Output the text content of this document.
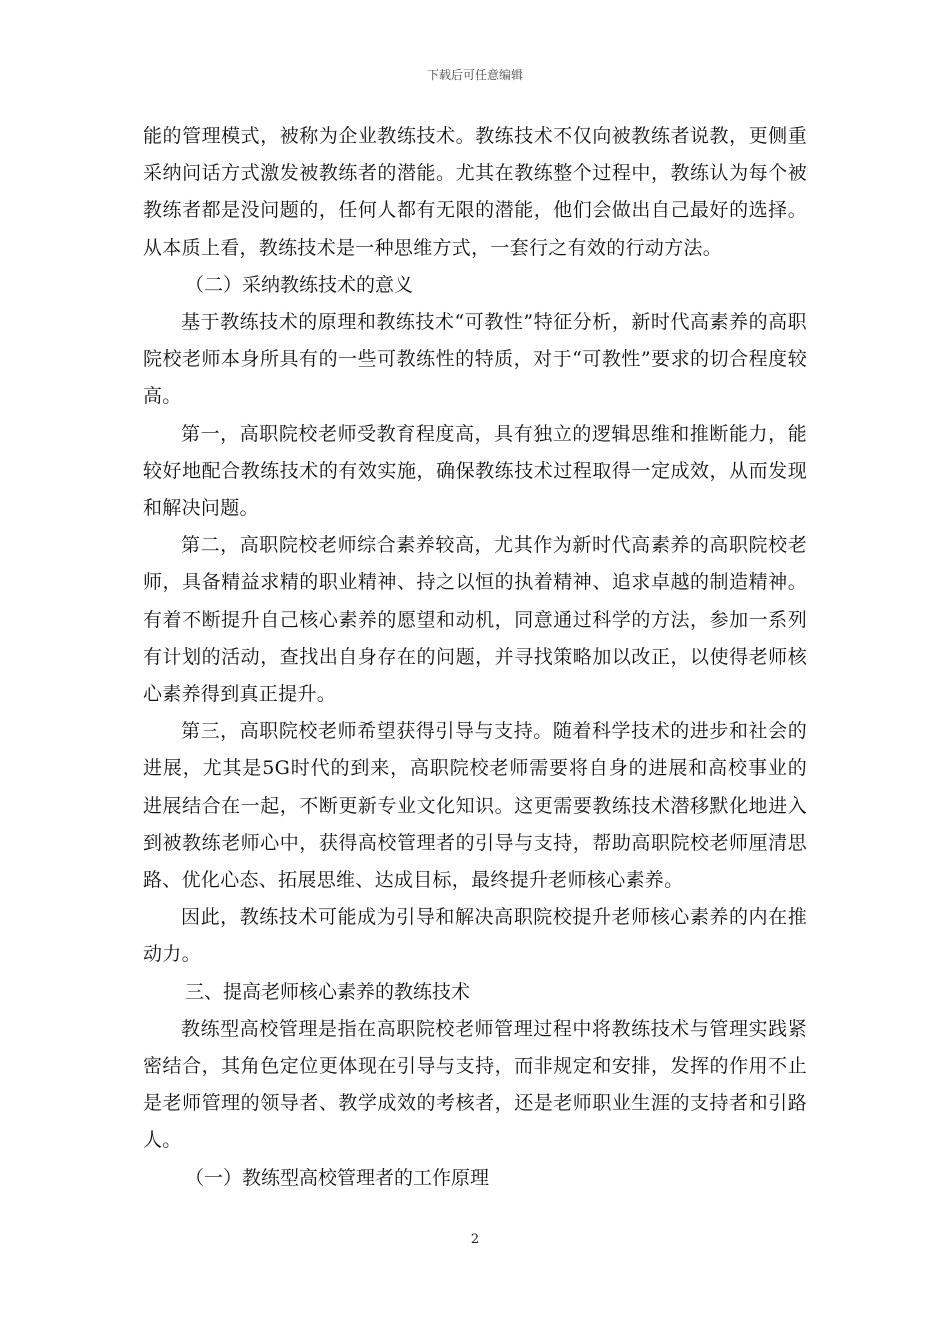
下载后可任意编辑

能的管理模式，被称为企业教练技术。教练技术不仅向被教练者说教，更侧重采纳问话方式激发被教练者的潜能。尤其在教练整个过程中，教练认为每个被教练者都是没问题的，任何人都有无限的潜能，他们会做出自己最好的选择。从本质上看，教练技术是一种思维方式，一套行之有效的行动方法。

（二）采纳教练技术的意义

基于教练技术的原理和教练技术“可教性”特征分析，新时代高素养的高职院校老师本身所具有的一些可教练性的特质，对于“可教性”要求的切合程度较高。

第一，高职院校老师受教育程度高，具有独立的逻辑思维和推断能力，能较好地配合教练技术的有效实施，确保教练技术过程取得一定成效，从而发现和解决问题。

第二，高职院校老师综合素养较高，尤其作为新时代高素养的高职院校老师，具备精益求精的职业精神、持之以恒的执着精神、追求卓越的制造精神。有着不断提升自己核心素养的愿望和动机，同意通过科学的方法，参加一系列有计划的活动，查找出自身存在的问题，并寻找策略加以改正，以使得老师核心素养得到真正提升。

第三，高职院校老师希望获得引导与支持。随着科学技术的进步和社会的进展，尤其是5G时代的到来，高职院校老师需要将自身的进展和高校事业的进展结合在一起，不断更新专业文化知识。这更需要教练技术潜移默化地进入到被教练老师心中，获得高校管理者的引导与支持，帮助高职院校老师厘清思路、优化心态、拓展思维、达成目标，最终提升老师核心素养。

因此，教练技术可能成为引导和解决高职院校提升老师核心素养的内在推动力。

三、提高老师核心素养的教练技术

教练型高校管理是指在高职院校老师管理过程中将教练技术与管理实践紧密结合，其角色定位更体现在引导与支持，而非规定和安排，发挥的作用不止是老师管理的领导者、教学成效的考核者，还是老师职业生涯的支持者和引路人。

（一）教练型高校管理者的工作原理

2
